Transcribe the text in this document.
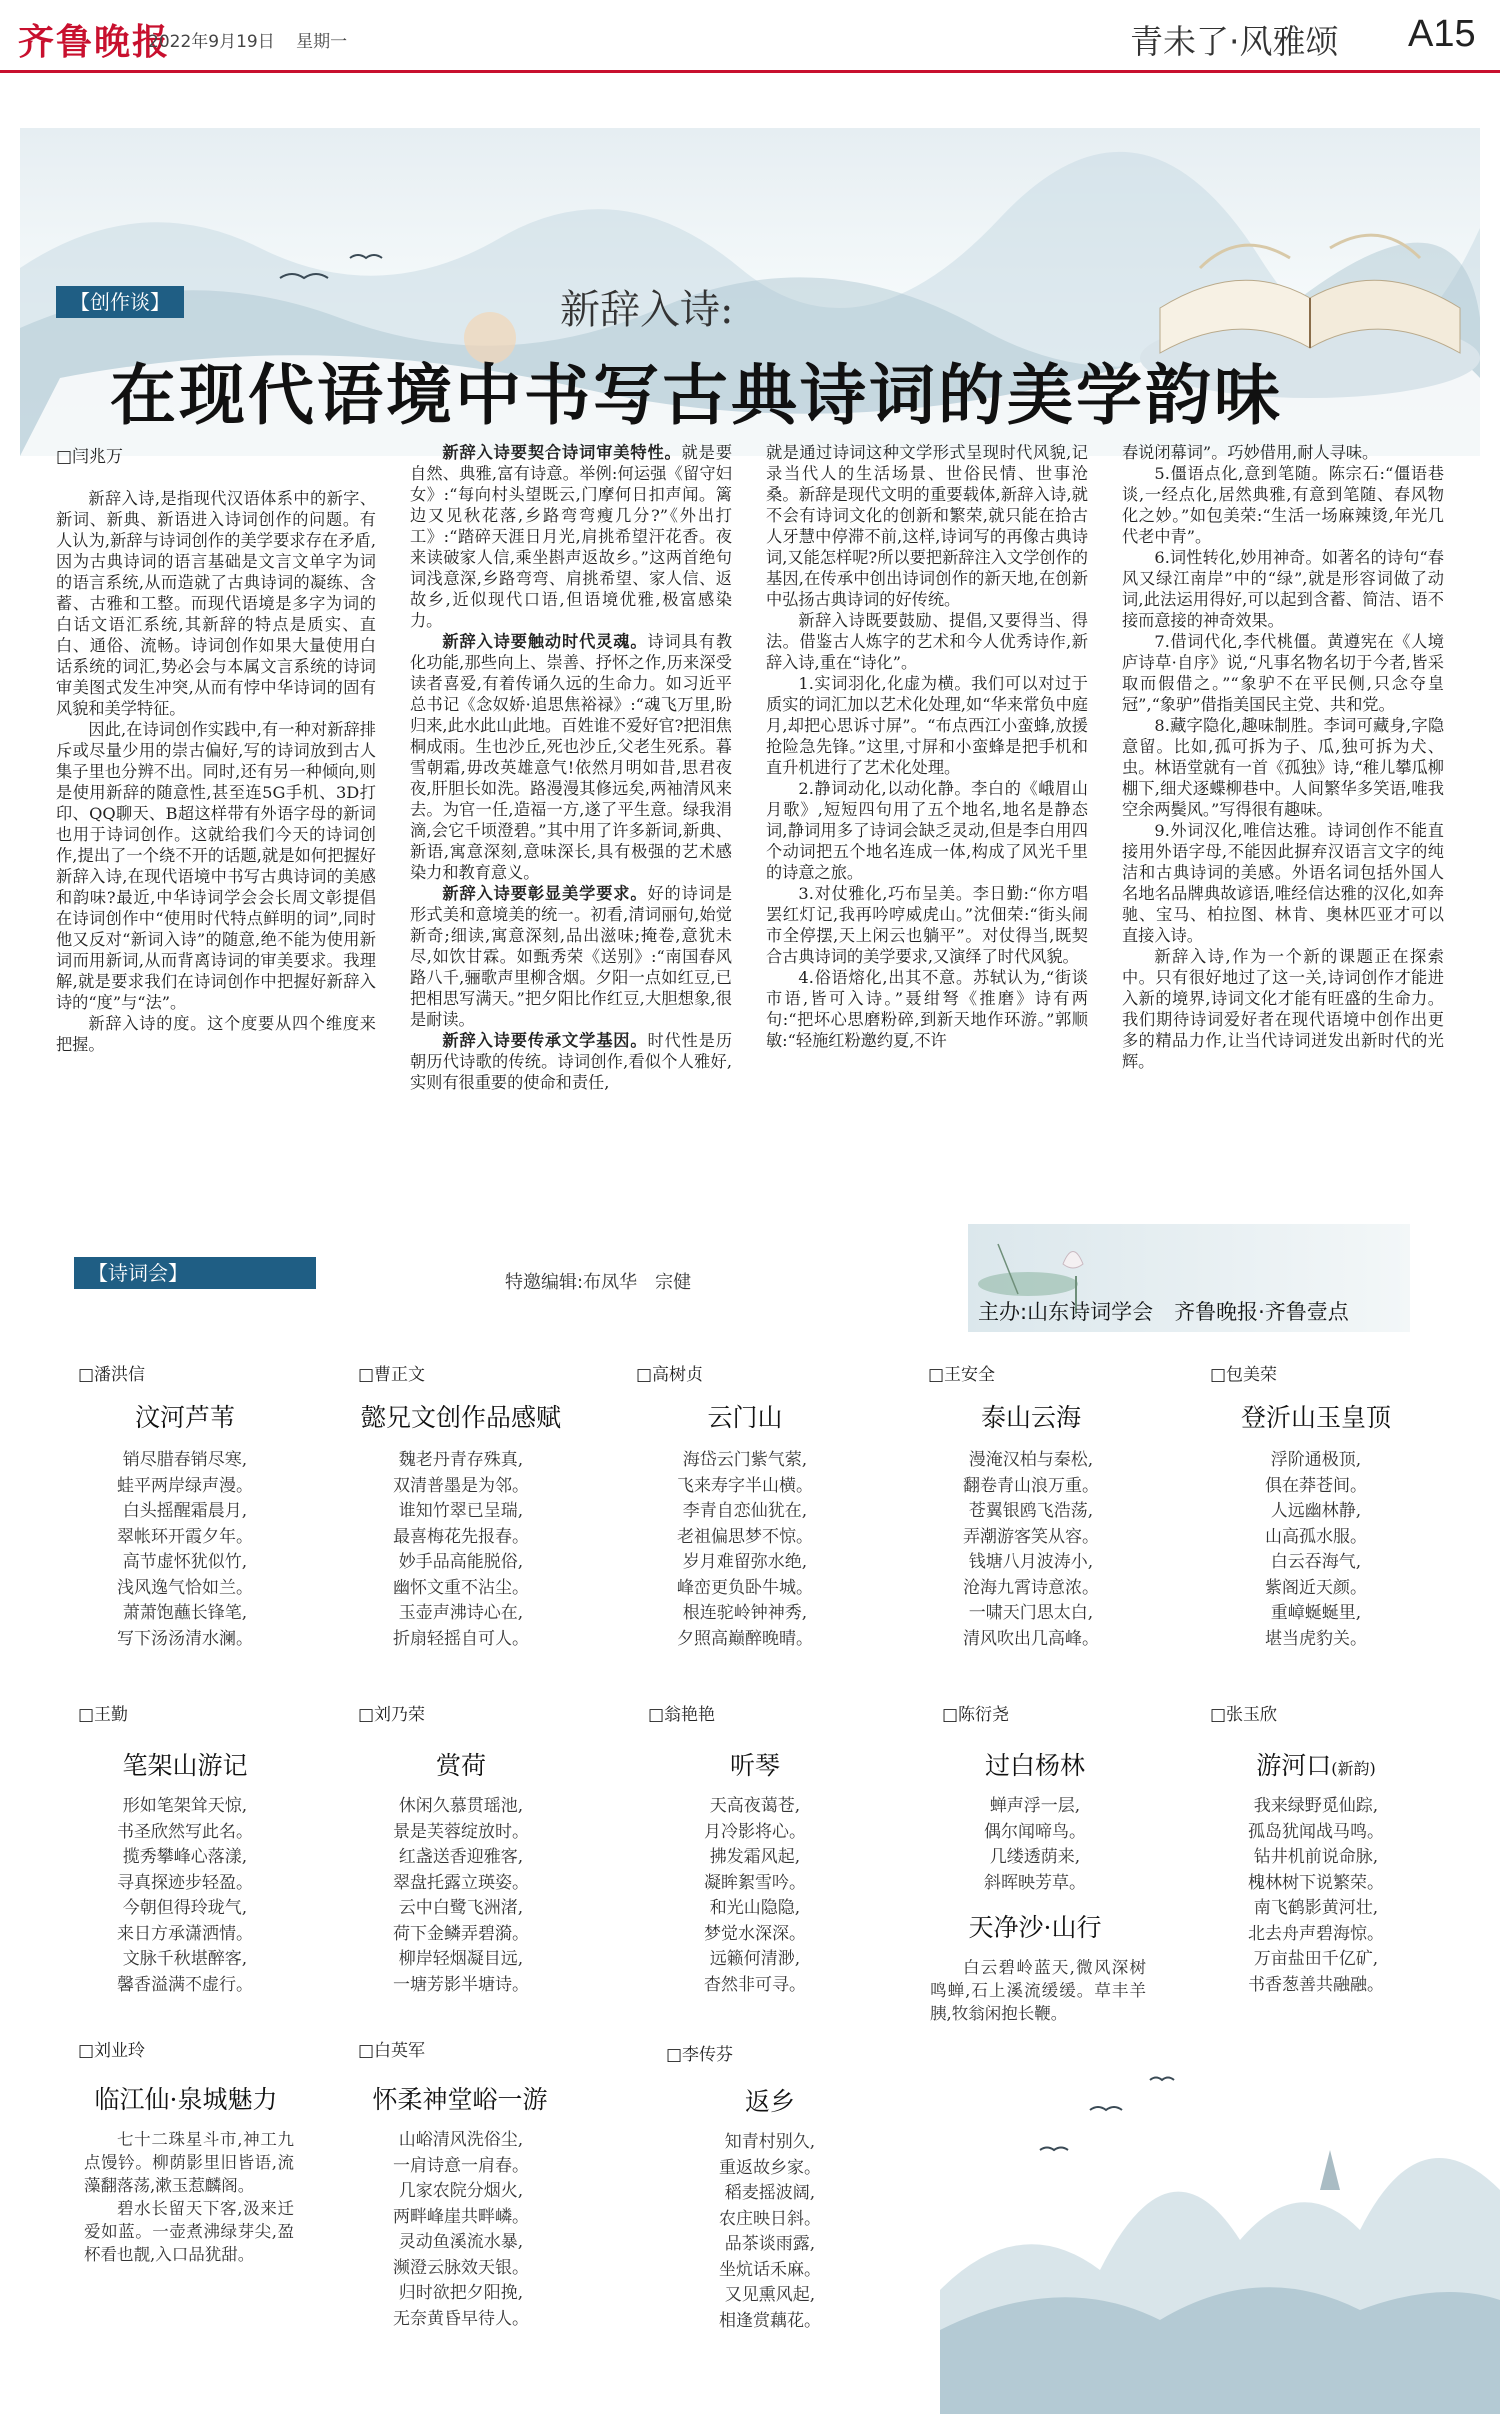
齐鲁晚报
2022年9月19日 星期一	青未了·风雅颂 A15
【创作谈】	新辞入诗:
在现代语境中书写古典诗词的美学韵味
□闫兆万

新辞入诗,是指现代汉语体系中的新字、新词、新典、新语进入诗词创作的问题。有人认为,新辞与诗词创作的美学要求存在矛盾,因为古典诗词的语言基础是文言文单字为词的语言系统,从而造就了古典诗词的凝练、含蓄、古雅和工整。而现代语境是多字为词的白话文语汇系统,其新辞的特点是质实、直白、通俗、流畅。诗词创作如果大量使用白话系统的词汇,势必会与本属文言系统的诗词审美图式发生冲突,从而有悖中华诗词的固有风貌和美学特征。

因此,在诗词创作实践中,有一种对新辞排斥或尽量少用的崇古偏好,写的诗词放到古人集子里也分辨不出。同时,还有另一种倾向,则是使用新辞的随意性,甚至连5G手机、3D打印、QQ聊天、B超这样带有外语字母的新词也用于诗词创作。这就给我们今天的诗词创作,提出了一个绕不开的话题,就是如何把握好新辞入诗,在现代语境中书写古典诗词的美感和韵味?最近,中华诗词学会会长周文彰提倡在诗词创作中“使用时代特点鲜明的词”,同时他又反对“新词入诗”的随意,绝不能为使用新词而用新词,从而背离诗词的审美要求。我理解,就是要求我们在诗词创作中把握好新辞入诗的“度”与“法”。

新辞入诗的度。这个度要从四个维度来把握。

新辞入诗要契合诗词审美特性。就是要自然、典雅,富有诗意。举例:何运强《留守妇女》:“每向村头望既云,门摩何日扣声闻。篱边又见秋花落,乡路弯弯瘦几分?”《外出打工》:“踏碎天涯日月光,肩挑希望汗花香。夜来读破家人信,乘坐斟声返故乡。”这两首绝句词浅意深,乡路弯弯、肩挑希望、家人信、返故乡,近似现代口语,但语境优雅,极富感染力。

新辞入诗要触动时代灵魂。诗词具有教化功能,那些向上、崇善、抒怀之作,历来深受读者喜爱,有着传诵久远的生命力。如习近平总书记《念奴娇·追思焦裕禄》:“魂飞万里,盼归来,此水此山此地。百姓谁不爱好官?把泪焦桐成雨。生也沙丘,死也沙丘,父老生死系。暮雪朝霜,毋改英雄意气!依然月明如昔,思君夜夜,肝胆长如洗。路漫漫其修远矣,两袖清风来去。为官一任,造福一方,遂了平生意。绿我涓滴,会它千顷澄碧。”其中用了许多新词,新典、新语,寓意深刻,意味深长,具有极强的艺术感染力和教育意义。

新辞入诗要彰显美学要求。好的诗词是形式美和意境美的统一。初看,清词丽句,始觉新奇;细读,寓意深刻,品出滋味;掩卷,意犹未尽,如饮甘霖。如甄秀荣《送别》:“南国春风路八千,骊歌声里柳含烟。夕阳一点如红豆,已把相思写满天。”把夕阳比作红豆,大胆想象,很是耐读。

新辞入诗要传承文学基因。时代性是历朝历代诗歌的传统。诗词创作,看似个人雅好,实则有很重要的使命和责任,

就是通过诗词这种文学形式呈现时代风貌,记录当代人的生活场景、世俗民情、世事沧桑。新辞是现代文明的重要载体,新辞入诗,就不会有诗词文化的创新和繁荣,就只能在拾古人牙慧中停滞不前,这样,诗词写的再像古典诗词,又能怎样呢?所以要把新辞注入文学创作的基因,在传承中创出诗词创作的新天地,在创新中弘扬古典诗词的好传统。

新辞入诗既要鼓励、提倡,又要得当、得法。借鉴古人炼字的艺术和今人优秀诗作,新辞入诗,重在“诗化”。

1.实词羽化,化虚为横。我们可以对过于质实的词汇加以艺术化处理,如“华来常负中庭月,却把心思诉寸屏”。“布点西江小蛮蜂,放援抢险急先锋。”这里,寸屏和小蛮蜂是把手机和直升机进行了艺术化处理。

2.静词动化,以动化静。李白的《峨眉山月歌》,短短四句用了五个地名,地名是静态词,静词用多了诗词会缺乏灵动,但是李白用四个动词把五个地名连成一体,构成了风光千里的诗意之旅。

3.对仗雅化,巧布呈美。李日勤:“你方唱罢红灯记,我再吟哼威虎山。”沈佃荣:“街头闹市全停摆,天上闲云也躺平”。对仗得当,既契合古典诗词的美学要求,又演绎了时代风貌。

4.俗语熔化,出其不意。苏轼认为,“街谈市语,皆可入诗。”聂绀弩《推磨》诗有两句:“把坏心思磨粉碎,到新天地作环游。”郭顺敏:“轻施红粉邀约夏,不许

春说闭幕词”。巧妙借用,耐人寻味。

5.僵语点化,意到笔随。陈宗石:“僵语巷谈,一经点化,居然典雅,有意到笔随、春风物化之妙。”如包美荣:“生活一场麻辣烫,年光几代老中青”。

6.词性转化,妙用神奇。如著名的诗句“春风又绿江南岸”中的“绿”,就是形容词做了动词,此法运用得好,可以起到含蓄、简洁、语不接而意接的神奇效果。

7.借词代化,李代桃僵。黄遵宪在《人境庐诗草·自序》说,“凡事名物名切于今者,皆采取而假借之。”“象驴不在平民侧,只念夺皇冠”,“象驴”借指美国民主党、共和党。

8.藏字隐化,趣味制胜。李词可藏身,字隐意留。比如,孤可拆为子、瓜,独可拆为犬、虫。林语堂就有一首《孤独》诗,“稚儿攀瓜柳棚下,细犬逐蝶柳巷中。人间繁华多笑语,唯我空余两鬓风。”写得很有趣味。

9.外词汉化,唯信达雅。诗词创作不能直接用外语字母,不能因此摒弃汉语言文字的纯洁和古典诗词的美感。外语名词包括外国人名地名品牌典故谚语,唯经信达雅的汉化,如奔驰、宝马、柏拉图、林肯、奥林匹亚才可以直接入诗。

新辞入诗,作为一个新的课题正在探索中。只有很好地过了这一关,诗词创作才能进入新的境界,诗词文化才能有旺盛的生命力。我们期待诗词爱好者在现代语境中创作出更多的精品力作,让当代诗词迸发出新时代的光辉。

【诗词会】	特邀编辑:布凤华　宗健
主办:山东诗词学会　齐鲁晚报·齐鲁壹点
□潘洪信
汶河芦苇
销尽腊春销尽寒,
蛙平两岸绿声漫。
白头摇醒霜晨月,
翠帐环开霞夕年。
高节虚怀犹似竹,
浅风逸气恰如兰。
萧萧饱蘸长锋笔,
写下汤汤清水澜。
□曹正文
懿兄文创作品感赋
魏老丹青存殊真,
双清普墨是为邻。
谁知竹翠已呈瑞,
最喜梅花先报春。
妙手品高能脱俗,
幽怀文重不沾尘。
玉壶声沸诗心在,
折扇轻摇自可人。
□高树贞
云门山
海岱云门紫气萦,
飞来寿字半山横。
李青自恋仙犹在,
老祖偏思梦不惊。
岁月难留弥水绝,
峰峦更负卧牛城。
根连驼岭钟神秀,
夕照高巅醉晚晴。
□王安全
泰山云海
漫淹汉柏与秦松,
翻卷青山浪万重。
苍翼银鸥飞浩荡,
弄潮游客笑从容。
钱塘八月波涛小,
沧海九霄诗意浓。
一啸天门思太白,
清风吹出几高峰。
□包美荣
登沂山玉皇顶
浮阶通极顶,
俱在莽苍间。
人远幽林静,
山高孤水服。
白云吞海气,
紫阁近天颜。
重嶂蜒蜒里,
堪当虎豹关。
□王勤
笔架山游记
形如笔架耸天惊,
书圣欣然写此名。
揽秀攀峰心落漾,
寻真探迹步轻盈。
今朝但得玲珑气,
来日方承潇洒情。
文脉千秋堪醉客,
馨香溢满不虚行。
□刘乃荣
赏荷
休闲久慕贯瑶池,
景是芙蓉绽放时。
红盏送香迎雅客,
翠盘托露立瑛姿。
云中白鹭飞洲渚,
荷下金鳞弄碧漪。
柳岸轻烟凝目远,
一塘芳影半塘诗。
□翁艳艳
听琴
天高夜蔼苍,
月冷影将心。
拂发霜风起,
凝眸絮雪吟。
和光山隐隐,
梦觉水深深。
远籁何清渺,
杳然非可寻。
□陈衍尧
过白杨林
蝉声浮一层,
偶尔闻啼鸟。
几缕透荫来,
斜晖映芳草。
天净沙·山行
白云碧岭蓝天,微风深树鸣蝉,石上溪流缓缓。草丰羊胰,牧翁闲抱长鞭。
□张玉欣
游河口(新韵)
我来绿野觅仙踪,
孤岛犹闻战马鸣。
钻井机前说命脉,
槐林树下说繁荣。
南飞鹤影黄河壮,
北去舟声碧海惊。
万亩盐田千亿矿,
书香葱善共融融。
□刘业玲
临江仙·泉城魅力
七十二珠星斗市,神工九点馒钤。柳荫影里旧皆语,流藻翻落荡,漱玉惹麟阁。
碧水长留天下客,汲来迁爱如蓝。一壶煮沸绿芽尖,盈杯看也靓,入口品犹甜。
□白英军
怀柔神堂峪一游
山峪清风洗俗尘,
一肩诗意一肩春。
几家农院分烟火,
两畔峰崖共畔嶙。
灵动鱼溪流水暴,
濒澄云脉效天银。
归时欲把夕阳挽,
无奈黄昏早待人。
□李传芬
返乡
知青村别久,
重返故乡家。
稻麦摇波阔,
农庄映日斜。
品茶谈雨露,
坐炕话禾麻。
又见熏风起,
相逢赏藕花。
